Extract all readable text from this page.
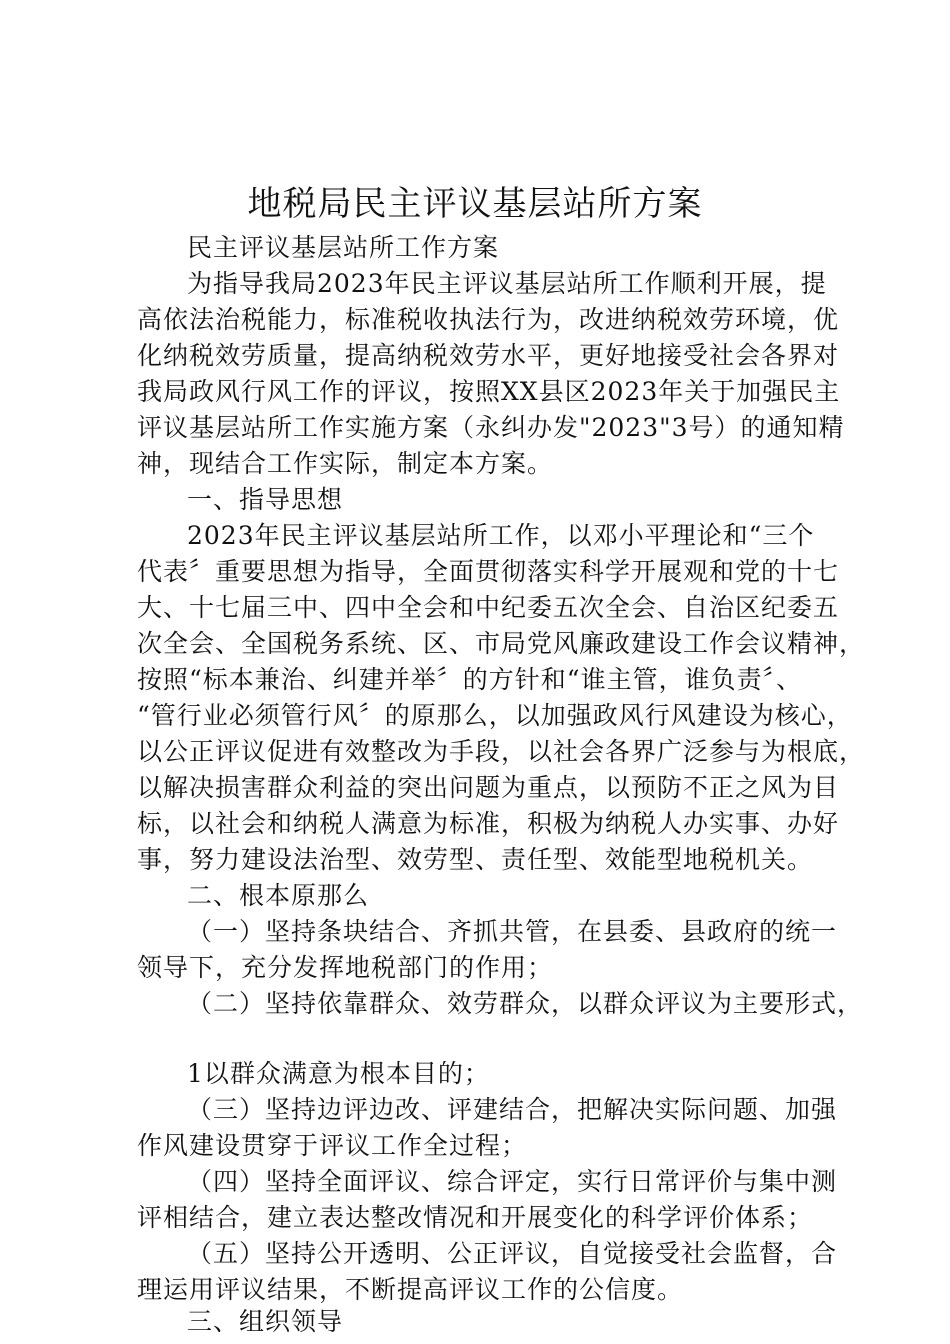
地税局民主评议基层站所方案
民主评议基层站所工作方案
为指导我局2023年民主评议基层站所工作顺利开展，提
高依法治税能力，标准税收执法行为，改进纳税效劳环境，优
化纳税效劳质量，提高纳税效劳水平，更好地接受社会各界对
我局政风行风工作的评议，按照XX县区2023年关于加强民主
评议基层站所工作实施方案（永纠办发"2023"3号）的通知精
神，现结合工作实际，制定本方案。
一、指导思想
2023年民主评议基层站所工作，以邓小平理论和“三个
代表〞重要思想为指导，全面贯彻落实科学开展观和党的十七
大、十七届三中、四中全会和中纪委五次全会、自治区纪委五
次全会、全国税务系统、区、市局党风廉政建设工作会议精神，
按照“标本兼治、纠建并举〞的方针和“谁主管，谁负责〞、
“管行业必须管行风〞的原那么，以加强政风行风建设为核心，
以公正评议促进有效整改为手段，以社会各界广泛参与为根底，
以解决损害群众利益的突出问题为重点，以预防不正之风为目
标，以社会和纳税人满意为标准，积极为纳税人办实事、办好
事，努力建设法治型、效劳型、责任型、效能型地税机关。
二、根本原那么
（一）坚持条块结合、齐抓共管，在县委、县政府的统一
领导下，充分发挥地税部门的作用；
（二）坚持依靠群众、效劳群众，以群众评议为主要形式，
1以群众满意为根本目的；
（三）坚持边评边改、评建结合，把解决实际问题、加强
作风建设贯穿于评议工作全过程；
（四）坚持全面评议、综合评定，实行日常评价与集中测
评相结合，建立表达整改情况和开展变化的科学评价体系；
（五）坚持公开透明、公正评议，自觉接受社会监督，合
理运用评议结果，不断提高评议工作的公信度。
三、组织领导
